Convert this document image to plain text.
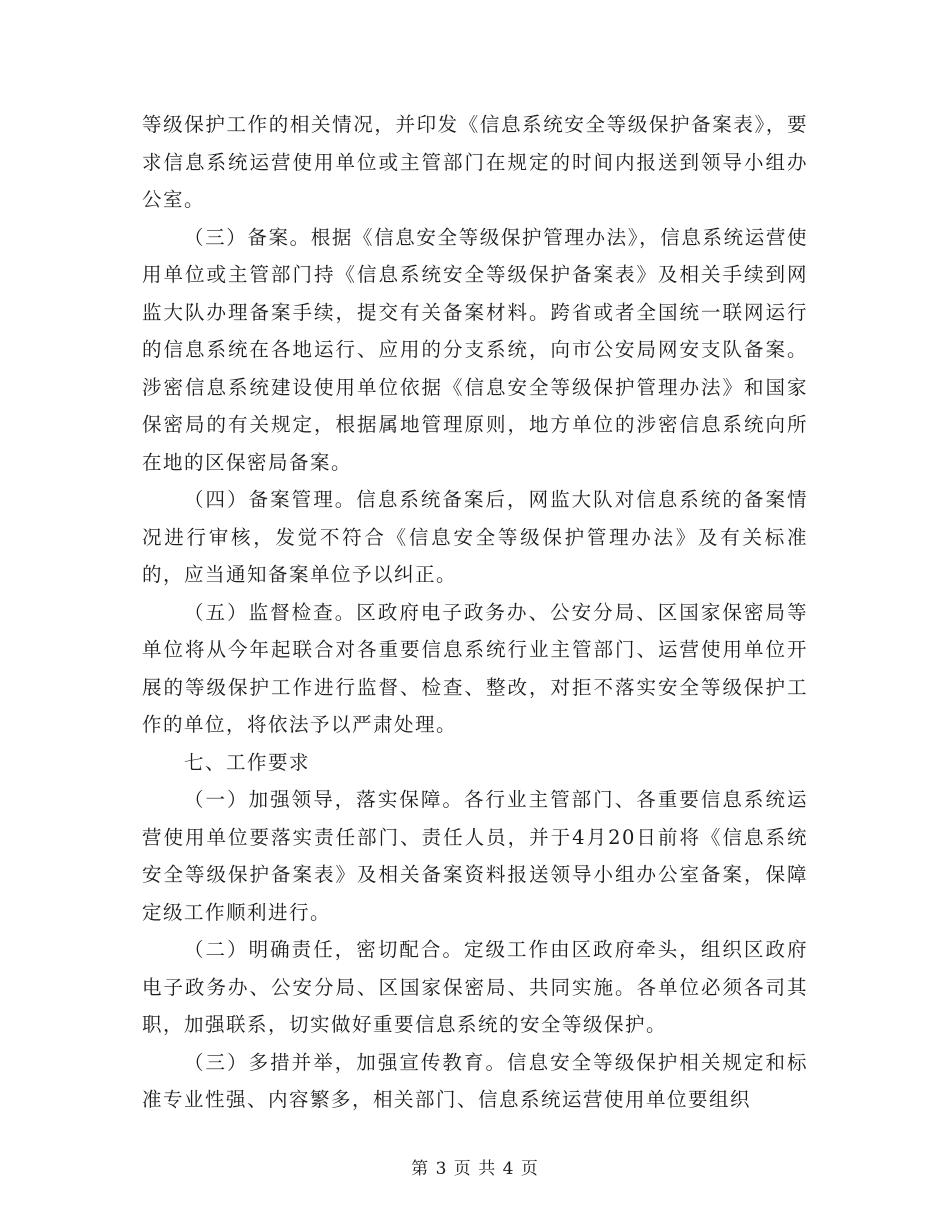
等级保护工作的相关情况，并印发《信息系统安全等级保护备案表》，要求信息系统运营使用单位或主管部门在规定的时间内报送到领导小组办公室。

（三）备案。根据《信息安全等级保护管理办法》，信息系统运营使用单位或主管部门持《信息系统安全等级保护备案表》及相关手续到网监大队办理备案手续，提交有关备案材料。跨省或者全国统一联网运行的信息系统在各地运行、应用的分支系统，向市公安局网安支队备案。涉密信息系统建设使用单位依据《信息安全等级保护管理办法》和国家保密局的有关规定，根据属地管理原则，地方单位的涉密信息系统向所在地的区保密局备案。

（四）备案管理。信息系统备案后，网监大队对信息系统的备案情况进行审核，发觉不符合《信息安全等级保护管理办法》及有关标准的，应当通知备案单位予以纠正。

（五）监督检查。区政府电子政务办、公安分局、区国家保密局等单位将从今年起联合对各重要信息系统行业主管部门、运营使用单位开展的等级保护工作进行监督、检查、整改，对拒不落实安全等级保护工作的单位，将依法予以严肃处理。

七、工作要求

（一）加强领导，落实保障。各行业主管部门、各重要信息系统运营使用单位要落实责任部门、责任人员，并于4月20日前将《信息系统安全等级保护备案表》及相关备案资料报送领导小组办公室备案，保障定级工作顺利进行。

（二）明确责任，密切配合。定级工作由区政府牵头，组织区政府电子政务办、公安分局、区国家保密局、共同实施。各单位必须各司其职，加强联系，切实做好重要信息系统的安全等级保护。

（三）多措并举，加强宣传教育。信息安全等级保护相关规定和标准专业性强、内容繁多，相关部门、信息系统运营使用单位要组织

第 3 页 共 4 页
